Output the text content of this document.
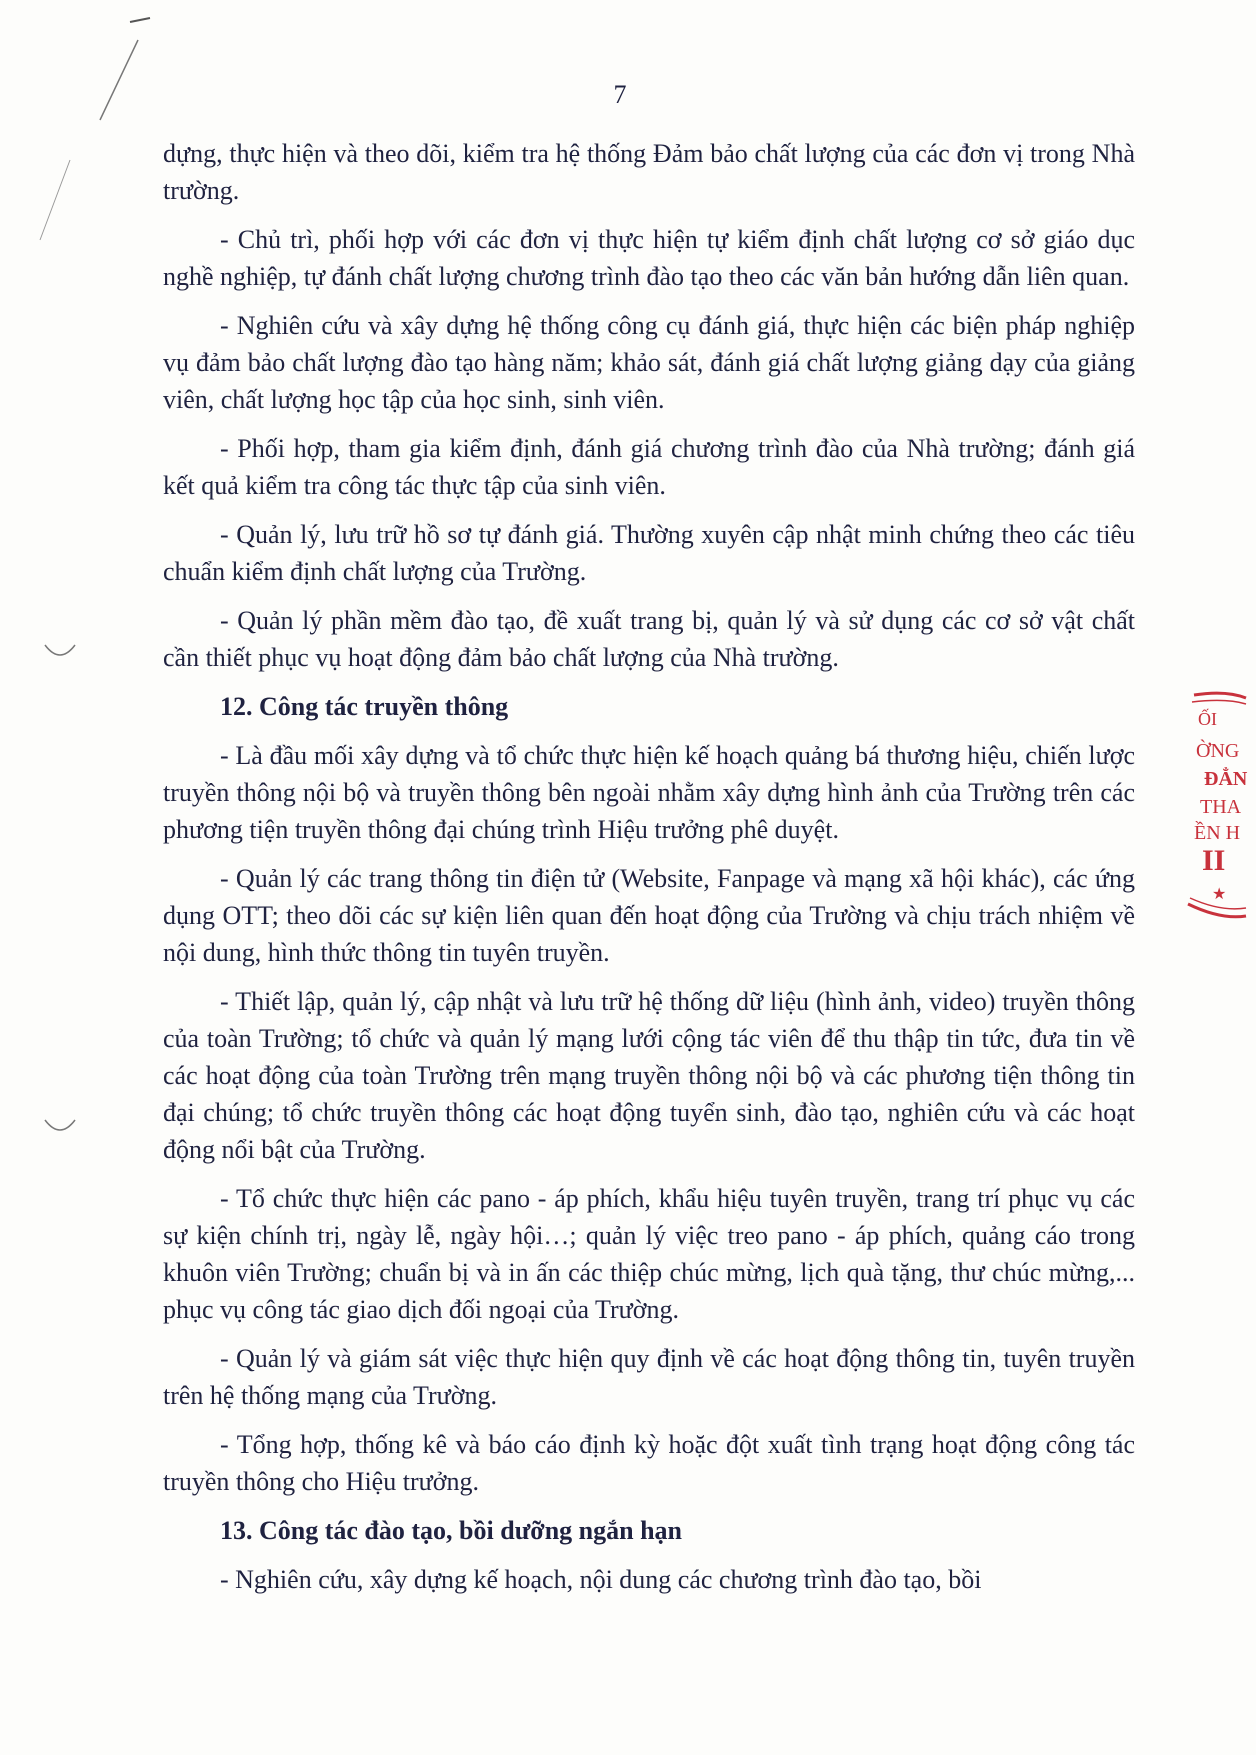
7

dựng, thực hiện và theo dõi, kiểm tra hệ thống Đảm bảo chất lượng của các đơn vị trong Nhà trường.

- Chủ trì, phối hợp với các đơn vị thực hiện tự kiểm định chất lượng cơ sở giáo dục nghề nghiệp, tự đánh chất lượng chương trình đào tạo theo các văn bản hướng dẫn liên quan.

- Nghiên cứu và xây dựng hệ thống công cụ đánh giá, thực hiện các biện pháp nghiệp vụ đảm bảo chất lượng đào tạo hàng năm; khảo sát, đánh giá chất lượng giảng dạy của giảng viên, chất lượng học tập của học sinh, sinh viên.

- Phối hợp, tham gia kiểm định, đánh giá chương trình đào của Nhà trường; đánh giá kết quả kiểm tra công tác thực tập của sinh viên.

- Quản lý, lưu trữ hồ sơ tự đánh giá. Thường xuyên cập nhật minh chứng theo các tiêu chuẩn kiểm định chất lượng của Trường.

- Quản lý phần mềm đào tạo, đề xuất trang bị, quản lý và sử dụng các cơ sở vật chất cần thiết phục vụ hoạt động đảm bảo chất lượng của Nhà trường.

12. Công tác truyền thông

- Là đầu mối xây dựng và tổ chức thực hiện kế hoạch quảng bá thương hiệu, chiến lược truyền thông nội bộ và truyền thông bên ngoài nhằm xây dựng hình ảnh của Trường trên các phương tiện truyền thông đại chúng trình Hiệu trưởng phê duyệt.

- Quản lý các trang thông tin điện tử (Website, Fanpage và mạng xã hội khác), các ứng dụng OTT; theo dõi các sự kiện liên quan đến hoạt động của Trường và chịu trách nhiệm về nội dung, hình thức thông tin tuyên truyền.

- Thiết lập, quản lý, cập nhật và lưu trữ hệ thống dữ liệu (hình ảnh, video) truyền thông của toàn Trường; tổ chức và quản lý mạng lưới cộng tác viên để thu thập tin tức, đưa tin về các hoạt động của toàn Trường trên mạng truyền thông nội bộ và các phương tiện thông tin đại chúng; tổ chức truyền thông các hoạt động tuyển sinh, đào tạo, nghiên cứu và các hoạt động nổi bật của Trường.

- Tổ chức thực hiện các pano - áp phích, khẩu hiệu tuyên truyền, trang trí phục vụ các sự kiện chính trị, ngày lễ, ngày hội…; quản lý việc treo pano - áp phích, quảng cáo trong khuôn viên Trường; chuẩn bị và in ấn các thiệp chúc mừng, lịch quà tặng, thư chúc mừng,... phục vụ công tác giao dịch đối ngoại của Trường.

- Quản lý và giám sát việc thực hiện quy định về các hoạt động thông tin, tuyên truyền trên hệ thống mạng của Trường.

- Tổng hợp, thống kê và báo cáo định kỳ hoặc đột xuất tình trạng hoạt động công tác truyền thông cho Hiệu trưởng.

13. Công tác đào tạo, bồi dưỡng ngắn hạn

- Nghiên cứu, xây dựng kế hoạch, nội dung các chương trình đào tạo, bồi

ỐI
ỜNG
ĐẲN
THA
ỀN H
II
★
